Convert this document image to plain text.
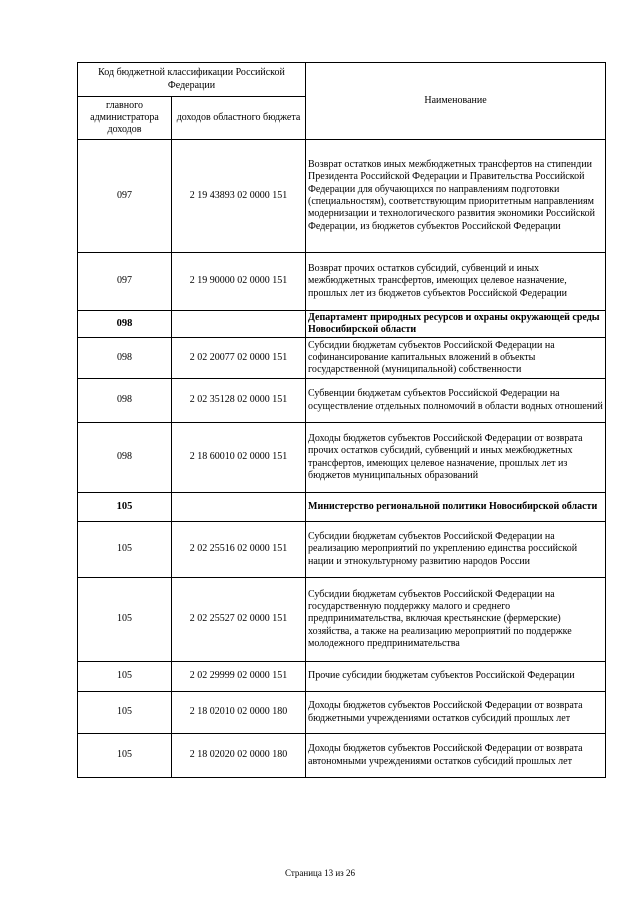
Код бюджетной классификации Российской Федерации		Наименование
главного администратора доходов	доходов областного бюджета	
097	2 19 43893 02 0000 151	Возврат остатков иных межбюджетных трансфертов на стипендии Президента Российской Федерации и Правительства Российской Федерации для обучающихся по направлениям подготовки (специальностям), соответствующим приоритетным направлениям модернизации и технологического развития экономики Российской Федерации, из бюджетов субъектов Российской Федерации
097	2 19 90000 02 0000 151	Возврат прочих остатков субсидий, субвенций и иных межбюджетных трансфертов, имеющих целевое назначение, прошлых лет из бюджетов субъектов Российской Федерации
098		Департамент природных ресурсов и охраны окружающей среды Новосибирской области
098	2 02 20077 02 0000 151	Субсидии бюджетам субъектов Российской Федерации на софинансирование капитальных вложений в объекты государственной (муниципальной) собственности
098	2 02 35128 02 0000 151	Субвенции бюджетам субъектов Российской Федерации на осуществление отдельных полномочий в области водных отношений
098	2 18 60010 02 0000 151	Доходы бюджетов субъектов Российской Федерации от возврата прочих остатков субсидий, субвенций и иных межбюджетных трансфертов, имеющих целевое назначение, прошлых лет из бюджетов муниципальных образований
105		Министерство региональной политики Новосибирской области
105	2 02 25516 02 0000 151	Субсидии бюджетам субъектов Российской Федерации на реализацию мероприятий по укреплению единства российской нации и этнокультурному развитию народов России
105	2 02 25527 02 0000 151	Субсидии бюджетам субъектов Российской Федерации на государственную поддержку малого и среднего предпринимательства, включая крестьянские (фермерские) хозяйства, а также на реализацию мероприятий по поддержке молодежного предпринимательства
105	2 02 29999 02 0000 151	Прочие субсидии бюджетам субъектов Российской Федерации
105	2 18 02010 02 0000 180	Доходы бюджетов субъектов Российской Федерации от возврата бюджетными учреждениями остатков субсидий прошлых лет
105	2 18 02020 02 0000 180	Доходы бюджетов субъектов Российской Федерации от возврата автономными учреждениями остатков субсидий прошлых лет
Страница 13 из 26
